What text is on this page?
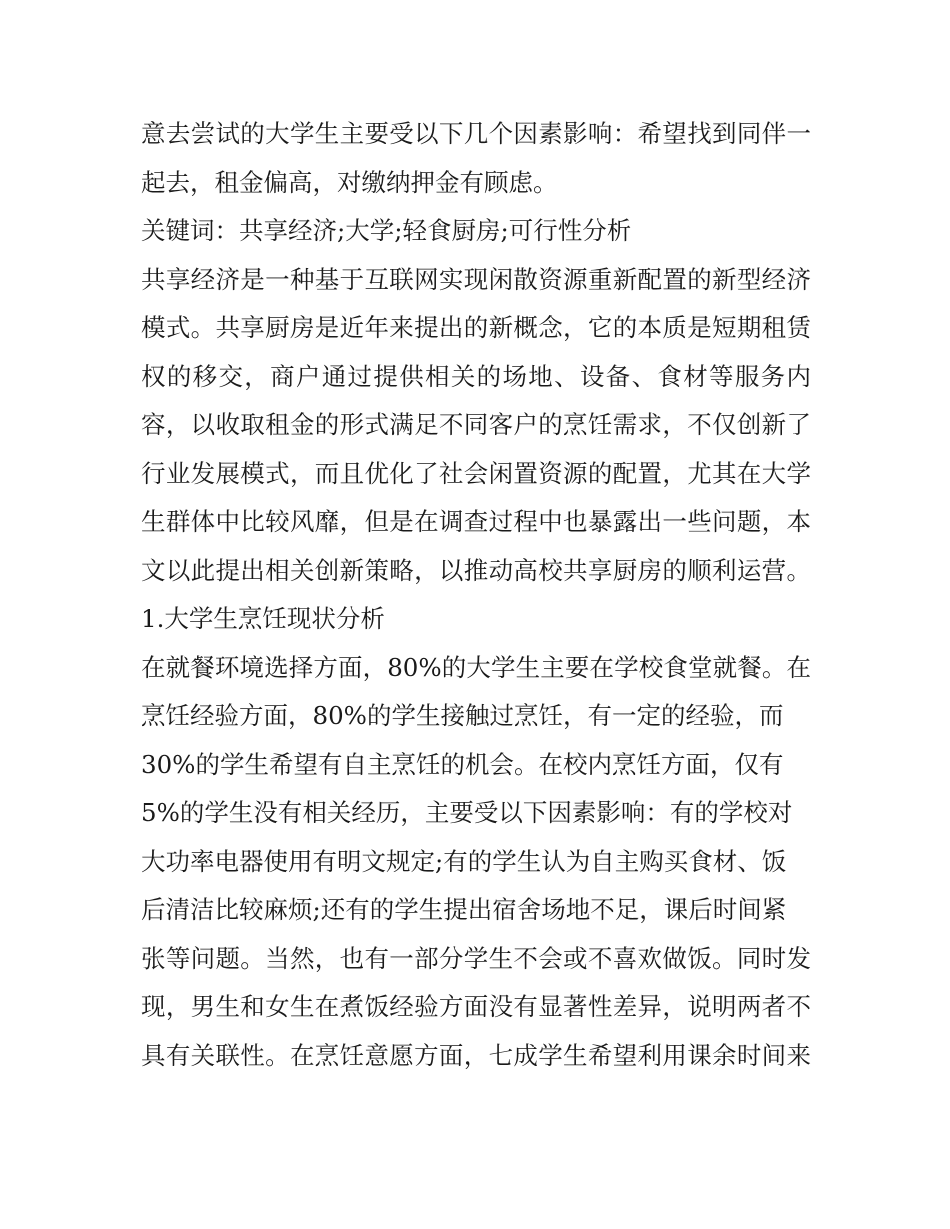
意去尝试的大学生主要受以下几个因素影响：希望找到同伴一
起去，租金偏高，对缴纳押金有顾虑。
关键词：共享经济;大学;轻食厨房;可行性分析
共享经济是一种基于互联网实现闲散资源重新配置的新型经济
模式。共享厨房是近年来提出的新概念，它的本质是短期租赁
权的移交，商户通过提供相关的场地、设备、食材等服务内
容，以收取租金的形式满足不同客户的烹饪需求，不仅创新了
行业发展模式，而且优化了社会闲置资源的配置，尤其在大学
生群体中比较风靡，但是在调查过程中也暴露出一些问题，本
文以此提出相关创新策略，以推动高校共享厨房的顺利运营。
1.大学生烹饪现状分析
在就餐环境选择方面，80%的大学生主要在学校食堂就餐。在
烹饪经验方面，80%的学生接触过烹饪，有一定的经验，而
30%的学生希望有自主烹饪的机会。在校内烹饪方面，仅有
5%的学生没有相关经历，主要受以下因素影响：有的学校对
大功率电器使用有明文规定;有的学生认为自主购买食材、饭
后清洁比较麻烦;还有的学生提出宿舍场地不足，课后时间紧
张等问题。当然，也有一部分学生不会或不喜欢做饭。同时发
现，男生和女生在煮饭经验方面没有显著性差异，说明两者不
具有关联性。在烹饪意愿方面，七成学生希望利用课余时间来
